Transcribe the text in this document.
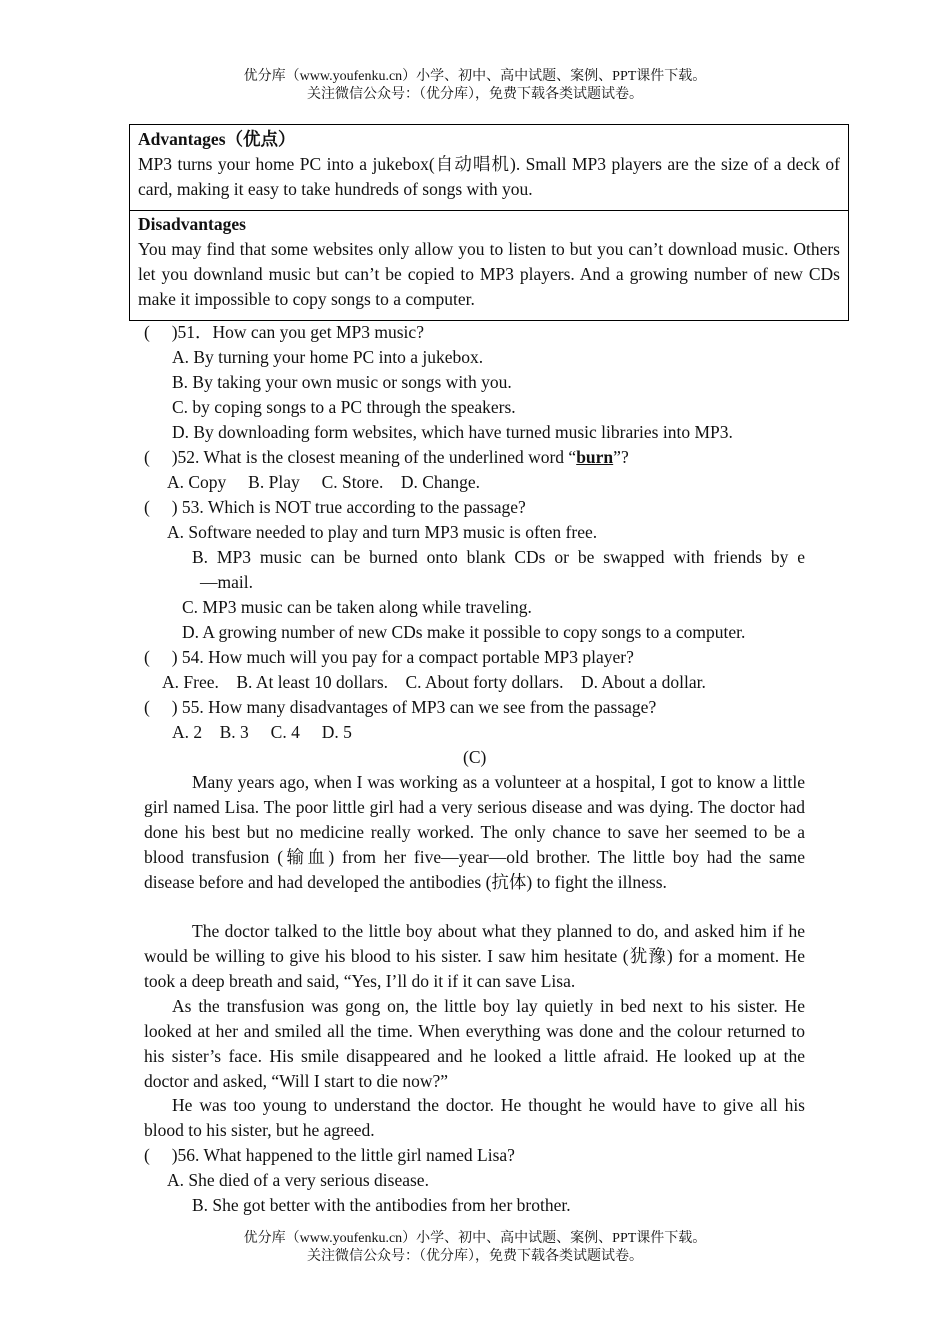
优分库（www.youfenku.cn）小学、初中、高中试题、案例、PPT课件下载。
关注微信公众号：（优分库），免费下载各类试题试卷。
Advantages（优点）
MP3 turns your home PC into a jukebox(自动唱机). Small MP3 players are the size of a deck of card, making it easy to take hundreds of songs with you.
Disadvantages
You may find that some websites only allow you to listen to but you can’t download music. Others let you downland music but can’t be copied to MP3 players. And a growing number of new CDs make it impossible to copy songs to a computer.
(　 )51．How can you get MP3 music?
A. By turning your home PC into a jukebox.
B. By taking your own music or songs with you.
C. by coping songs to a PC through the speakers.
D. By downloading form websites, which have turned music libraries into MP3.
(　 )52. What is the closest meaning of the underlined word “burn”?
A. Copy　 B. Play　 C. Store.　D. Change.
(　 ) 53. Which is NOT true according to the passage?
A. Software needed to play and turn MP3 music is often free.
B. MP3 music can be burned onto blank CDs or be swapped with friends by e
—mail.
C. MP3 music can be taken along while traveling.
D. A growing number of new CDs make it possible to copy songs to a computer.
(　 ) 54. How much will you pay for a compact portable MP3 player?
A. Free.　B. At least 10 dollars.　C. About forty dollars.　D. About a dollar.
(　 ) 55. How many disadvantages of MP3 can we see from the passage?
A. 2　B. 3　 C. 4　 D. 5
(C)
Many years ago, when I was working as a volunteer at a hospital, I got to know a little girl named Lisa. The poor little girl had a very serious disease and was dying. The doctor had done his best but no medicine really worked. The only chance to save her seemed to be a blood transfusion (输血) from her five—year—old brother. The little boy had the same disease before and had developed the antibodies (抗体) to fight the illness.
The doctor talked to the little boy about what they planned to do, and asked him if he would be willing to give his blood to his sister. I saw him hesitate (犹豫) for a moment. He took a deep breath and said, “Yes, I’ll do it if it can save Lisa.
As the transfusion was gong on, the little boy lay quietly in bed next to his sister. He looked at her and smiled all the time. When everything was done and the colour returned to his sister’s face. His smile disappeared and he looked a little afraid. He looked up at the doctor and asked, “Will I start to die now?”
He was too young to understand the doctor. He thought he would have to give all his blood to his sister, but he agreed.
(　 )56. What happened to the little girl named Lisa?
A. She died of a very serious disease.
B. She got better with the antibodies from her brother.
优分库（www.youfenku.cn）小学、初中、高中试题、案例、PPT课件下载。
关注微信公众号：（优分库），免费下载各类试题试卷。
